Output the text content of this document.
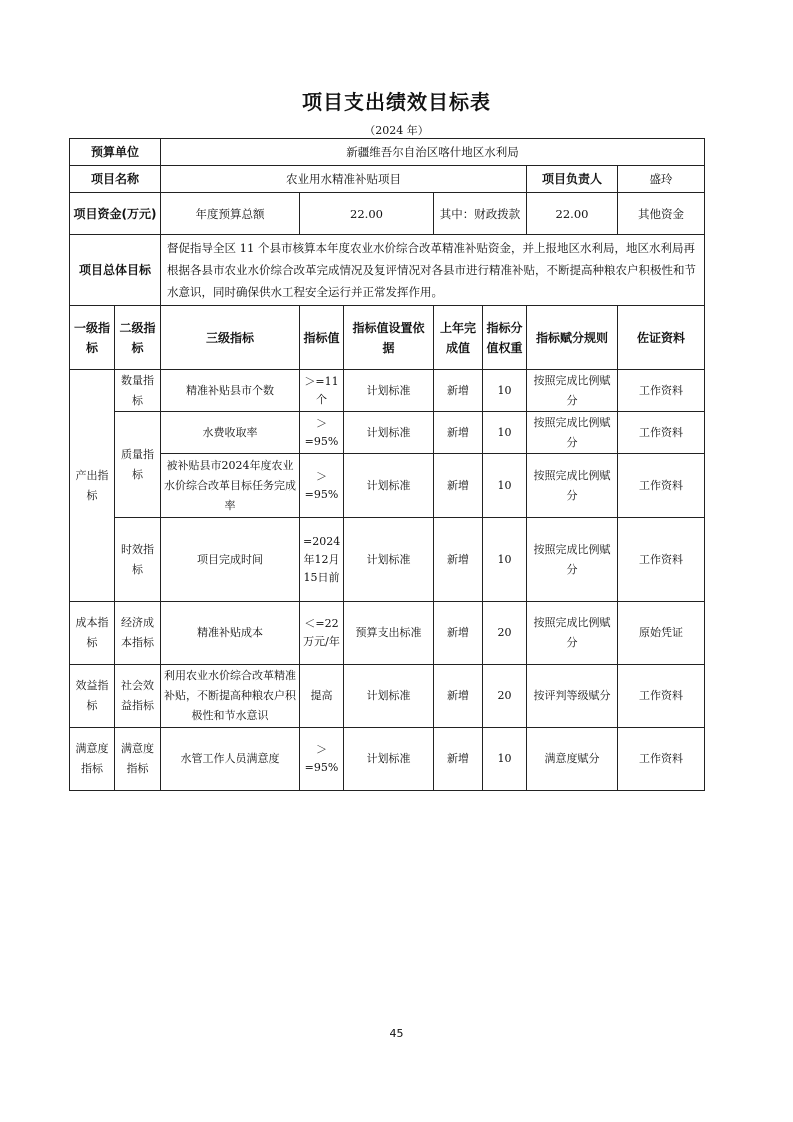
项目支出绩效目标表
（2024 年）
预算单位		新疆维吾尔自治区喀什地区水利局							
项目名称		农业用水精准补贴项目					项目负责人	盛玲	
项目资金(万元)		年度预算总额	22.00		其中：财政拨款		22.00	其他资金	
项目总体目标		督促指导全区 11 个县市核算本年度农业水价综合改革精准补贴资金，并上报地区水利局，地区水利局再根据各县市农业水价综合改革完成情况及复评情况对各县市进行精准补贴，不断提高种粮农户积极性和节水意识，同时确保供水工程安全运行并正常发挥作用。							
一级指标	二级指标	三级指标	指标值	指标值设置依据	上年完成值	指标分值权重	指标赋分规则	佐证资料	
产出指标	数量指标	精准补贴县市个数	＞=11个	计划标准	新增	10	按照完成比例赋分	工作资料	
	质量指标	水费收取率	＞=95%	计划标准	新增	10	按照完成比例赋分	工作资料	
		被补贴县市2024年度农业水价综合改革目标任务完成率	＞=95%	计划标准	新增	10	按照完成比例赋分	工作资料	
	时效指标	项目完成时间	=2024年12月15日前	计划标准	新增	10	按照完成比例赋分	工作资料	
成本指标	经济成本指标	精准补贴成本	＜=22万元/年	预算支出标准	新增	20	按照完成比例赋分	原始凭证	
效益指标	社会效益指标	利用农业水价综合改革精准补贴，不断提高种粮农户积极性和节水意识	提高	计划标准	新增	20	按评判等级赋分	工作资料	
满意度指标	满意度指标	水管工作人员满意度	＞=95%	计划标准	新增	10	满意度赋分	工作资料	
45
